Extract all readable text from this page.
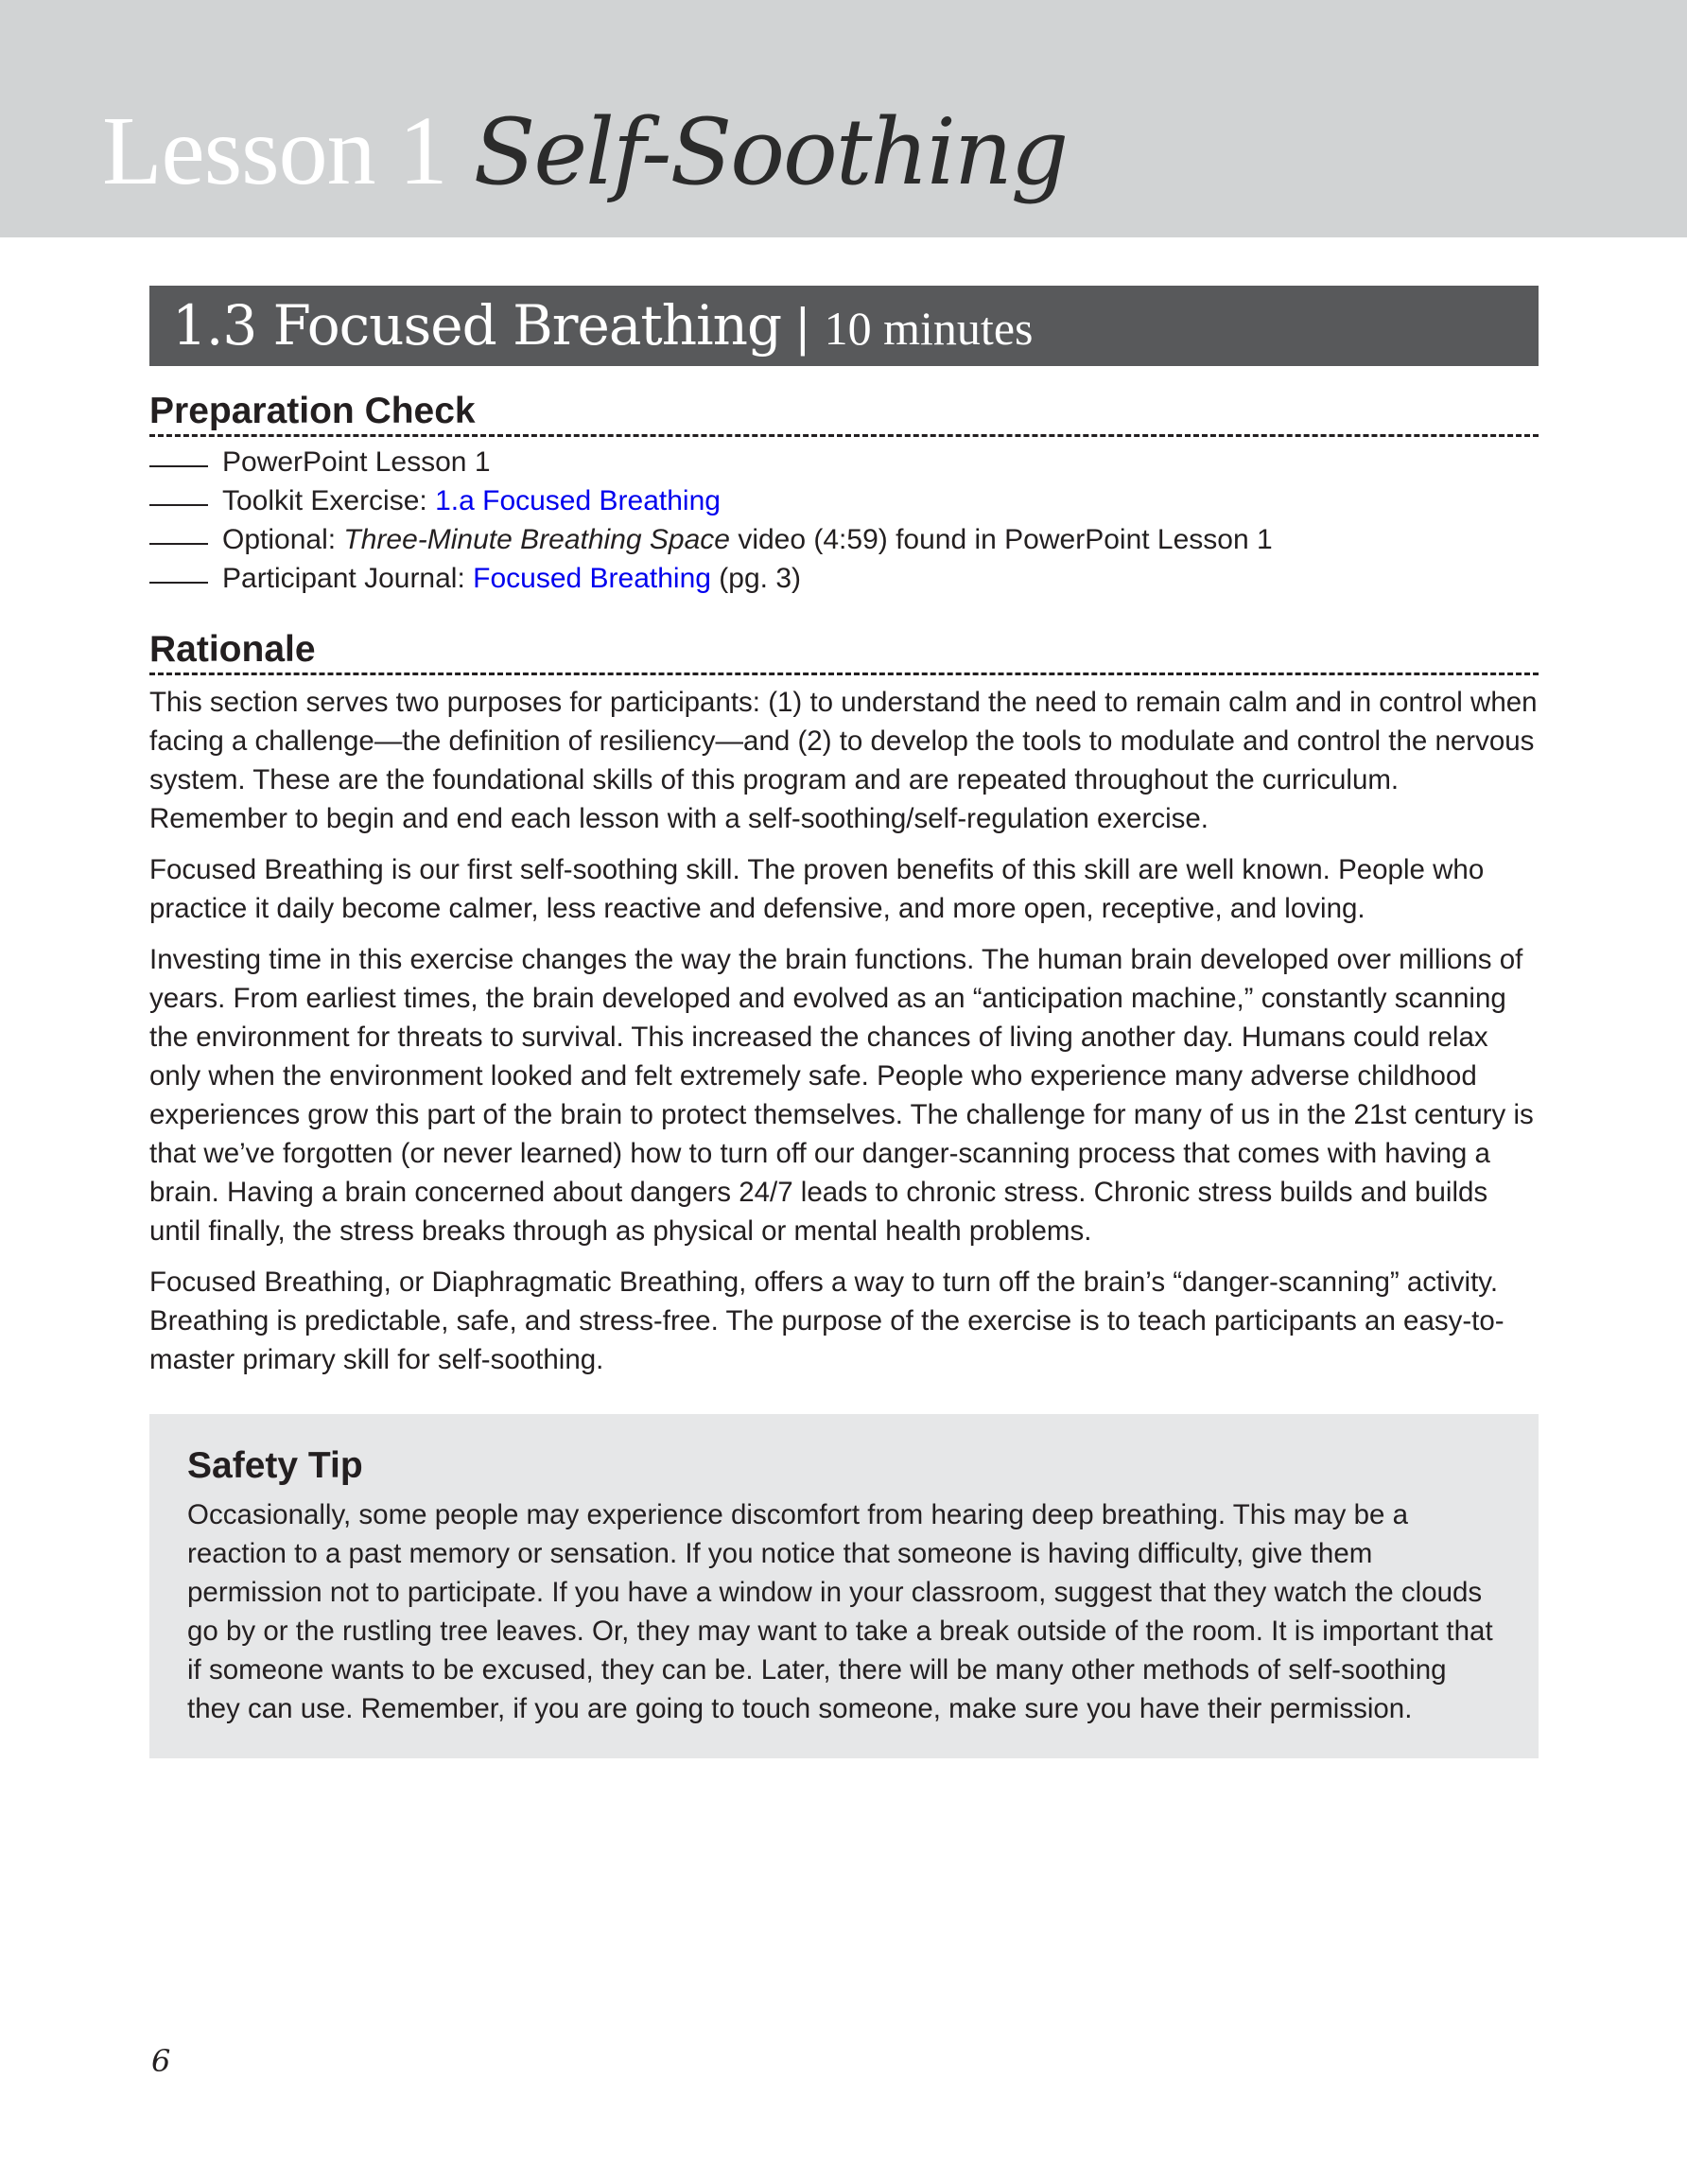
Lesson 1 Self-Soothing
1.3 Focused Breathing | 10 minutes
Preparation Check
PowerPoint Lesson 1
Toolkit Exercise: 1.a Focused Breathing
Optional: Three-Minute Breathing Space video (4:59) found in PowerPoint Lesson 1
Participant Journal: Focused Breathing (pg. 3)
Rationale

This section serves two purposes for participants: (1) to understand the need to remain calm and in control when facing a challenge—the definition of resiliency—and (2) to develop the tools to modulate and control the nervous system. These are the foundational skills of this program and are repeated throughout the curriculum. Remember to begin and end each lesson with a self-soothing/self-regulation exercise.

Focused Breathing is our first self-soothing skill. The proven benefits of this skill are well known. People who practice it daily become calmer, less reactive and defensive, and more open, receptive, and loving.

Investing time in this exercise changes the way the brain functions. The human brain developed over millions of years. From earliest times, the brain developed and evolved as an “anticipation machine,” constantly scanning the environment for threats to survival. This increased the chances of living another day. Humans could relax only when the environment looked and felt extremely safe. People who experience many adverse childhood experiences grow this part of the brain to protect themselves. The challenge for many of us in the 21st century is that we’ve forgotten (or never learned) how to turn off our danger-scanning process that comes with having a brain. Having a brain concerned about dangers 24/7 leads to chronic stress. Chronic stress builds and builds until finally, the stress breaks through as physical or mental health problems.

Focused Breathing, or Diaphragmatic Breathing, offers a way to turn off the brain’s “danger-scanning” activity. Breathing is predictable, safe, and stress-free. The purpose of the exercise is to teach participants an easy-to-master primary skill for self-soothing.

Safety Tip

Occasionally, some people may experience discomfort from hearing deep breathing. This may be a reaction to a past memory or sensation. If you notice that someone is having difficulty, give them permission not to participate. If you have a window in your classroom, suggest that they watch the clouds go by or the rustling tree leaves. Or, they may want to take a break outside of the room. It is important that if someone wants to be excused, they can be. Later, there will be many other methods of self-soothing they can use. Remember, if you are going to touch someone, make sure you have their permission.

6
